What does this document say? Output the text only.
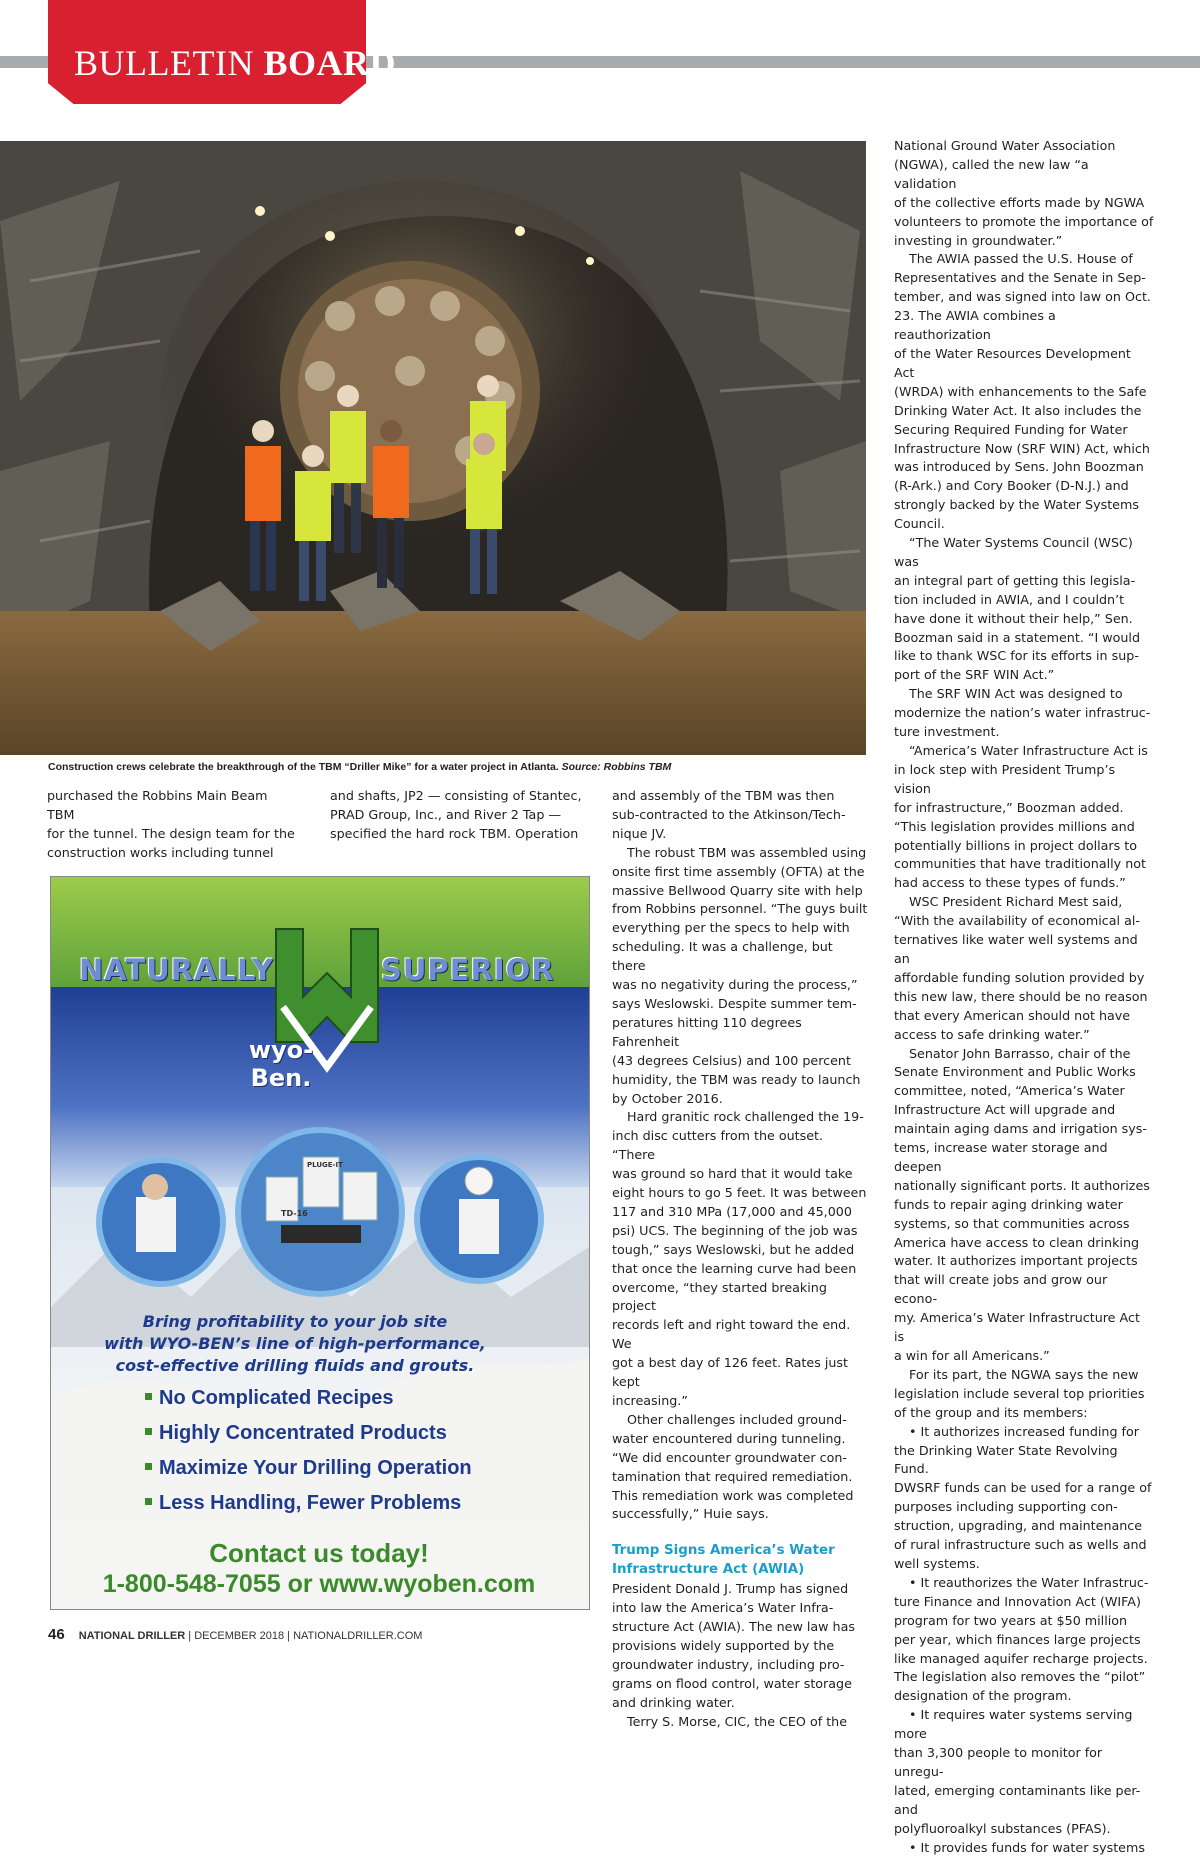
BULLETIN BOARD
Construction crews celebrate the breakthrough of the TBM “Driller Mike” for a water project in Atlanta. Source: Robbins TBM

purchased the Robbins Main Beam TBM
for the tunnel. The design team for the
construction works including tunnel

and shafts, JP2 — consisting of Stantec,
PRAD Group, Inc., and River 2 Tap —
specified the hard rock TBM. Operation

and assembly of the TBM was then
sub-contracted to the Atkinson/Tech-
nique JV.

The robust TBM was assembled using
onsite first time assembly (OFTA) at the
massive Bellwood Quarry site with help
from Robbins personnel. “The guys built
everything per the specs to help with
scheduling. It was a challenge, but there
was no negativity during the process,”
says Weslowski. Despite summer tem-
peratures hitting 110 degrees Fahrenheit
(43 degrees Celsius) and 100 percent
humidity, the TBM was ready to launch
by October 2016.

Hard granitic rock challenged the 19-
inch disc cutters from the outset. “There
was ground so hard that it would take
eight hours to go 5 feet. It was between
117 and 310 MPa (17,000 and 45,000
psi) UCS. The beginning of the job was
tough,” says Weslowski, but he added
that once the learning curve had been
overcome, “they started breaking project
records left and right toward the end. We
got a best day of 126 feet. Rates just kept
increasing.”

Other challenges included ground-
water encountered during tunneling.
“We did encounter groundwater con-
tamination that required remediation.
This remediation work was completed
successfully,” Huie says.

Trump Signs America’s Water
Infrastructure Act (AWIA)

President Donald J. Trump has signed
into law the America’s Water Infra-
structure Act (AWIA). The new law has
provisions widely supported by the
groundwater industry, including pro-
grams on flood control, water storage
and drinking water.

Terry S. Morse, CIC, the CEO of the

National Ground Water Association
(NGWA), called the new law “a validation
of the collective efforts made by NGWA
volunteers to promote the importance of
investing in groundwater.”

The AWIA passed the U.S. House of
Representatives and the Senate in Sep-
tember, and was signed into law on Oct.
23. The AWIA combines a reauthorization
of the Water Resources Development Act
(WRDA) with enhancements to the Safe
Drinking Water Act. It also includes the
Securing Required Funding for Water
Infrastructure Now (SRF WIN) Act, which
was introduced by Sens. John Boozman
(R-Ark.) and Cory Booker (D-N.J.) and
strongly backed by the Water Systems
Council.

“The Water Systems Council (WSC) was
an integral part of getting this legisla-
tion included in AWIA, and I couldn’t
have done it without their help,” Sen.
Boozman said in a statement. “I would
like to thank WSC for its efforts in sup-
port of the SRF WIN Act.”

The SRF WIN Act was designed to
modernize the nation’s water infrastruc-
ture investment.

“America’s Water Infrastructure Act is
in lock step with President Trump’s vision
for infrastructure,” Boozman added.
“This legislation provides millions and
potentially billions in project dollars to
communities that have traditionally not
had access to these types of funds.”

WSC President Richard Mest said,
“With the availability of economical al-
ternatives like water well systems and an
affordable funding solution provided by
this new law, there should be no reason
that every American should not have
access to safe drinking water.”

Senator John Barrasso, chair of the
Senate Environment and Public Works
committee, noted, “America’s Water
Infrastructure Act will upgrade and
maintain aging dams and irrigation sys-
tems, increase water storage and deepen
nationally significant ports. It authorizes
funds to repair aging drinking water
systems, so that communities across
America have access to clean drinking
water. It authorizes important projects
that will create jobs and grow our econo-
my. America’s Water Infrastructure Act is
a win for all Americans.”

For its part, the NGWA says the new
legislation include several top priorities
of the group and its members:

• It authorizes increased funding for
the Drinking Water State Revolving Fund.
DWSRF funds can be used for a range of
purposes including supporting con-
struction, upgrading, and maintenance
of rural infrastructure such as wells and
well systems.

• It reauthorizes the Water Infrastruc-
ture Finance and Innovation Act (WIFA)
program for two years at $50 million
per year, which finances large projects
like managed aquifer recharge projects.
The legislation also removes the “pilot”
designation of the program.

• It requires water systems serving more
than 3,300 people to monitor for unregu-
lated, emerging contaminants like per- and
polyfluoroalkyl substances (PFAS).

• It provides funds for water systems

NATURALLY	SUPERIOR
TD-16
PLUGE-IT
wyo-Ben.
Bring profitability to your job site
with WYO-BEN’s line of high-performance,
cost-effective drilling fluids and grouts.
No Complicated Recipes
Highly Concentrated Products
Maximize Your Drilling Operation
Less Handling, Fewer Problems
Contact us today!
1-800-548-7055 or www.wyoben.com
46 NATIONAL DRILLER | DECEMBER 2018 | NATIONALDRILLER.COM
